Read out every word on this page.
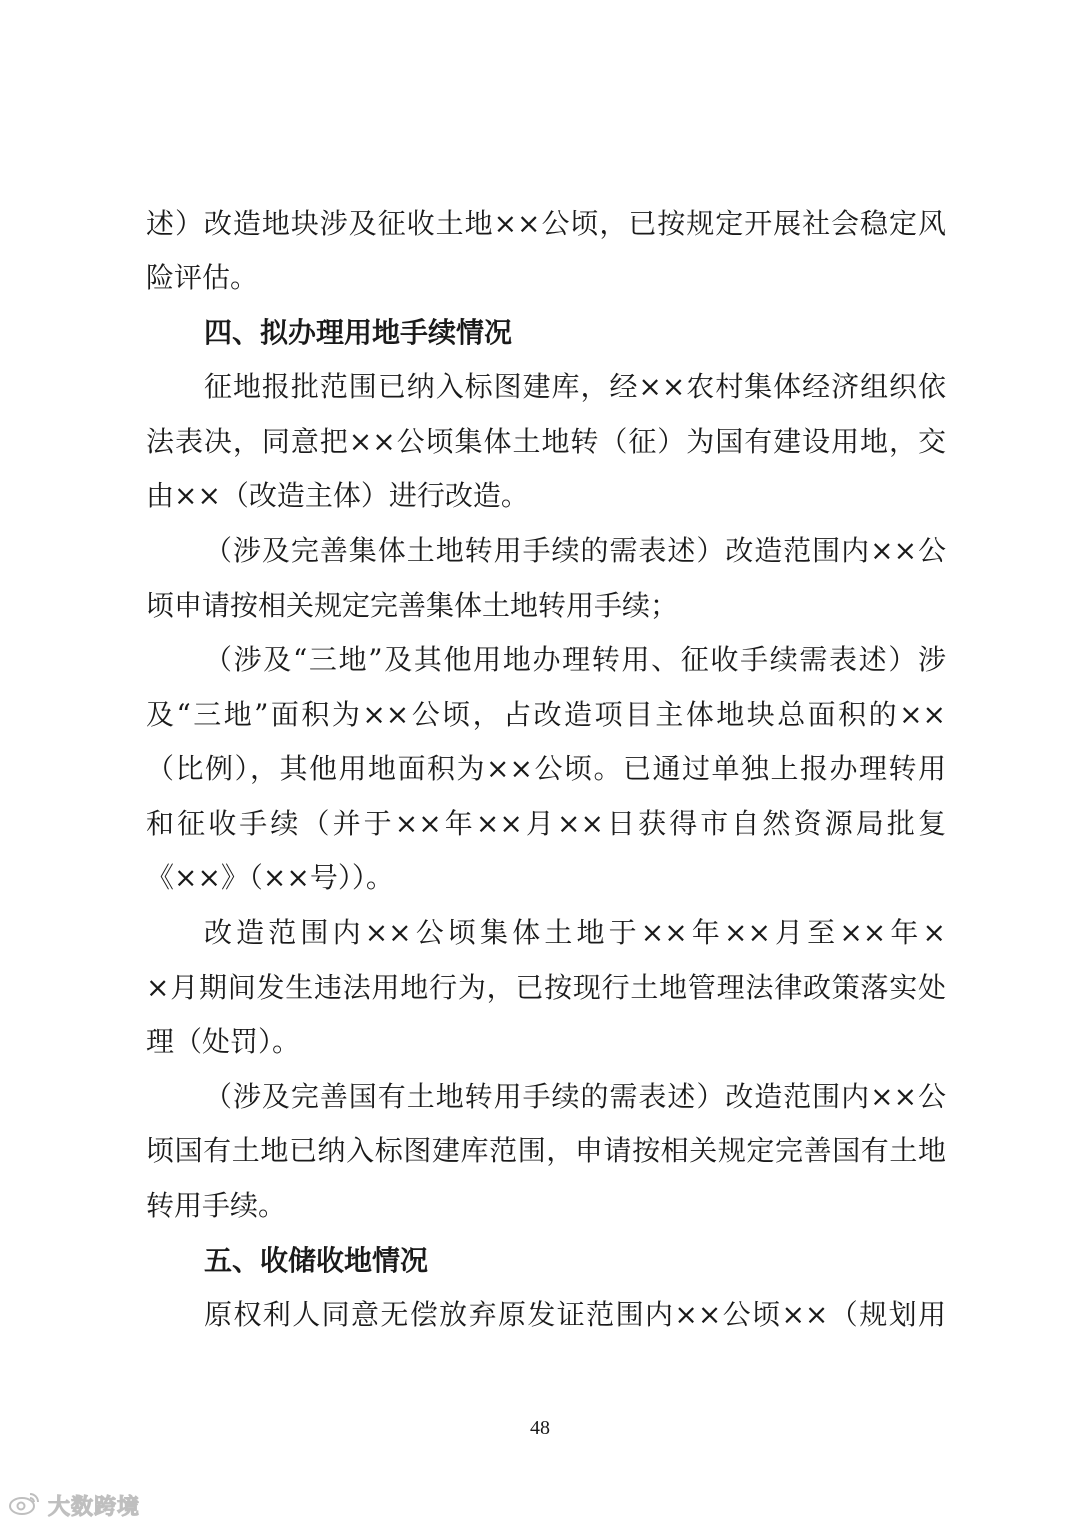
述）改造地块涉及征收土地××公顷，已按规定开展社会稳定风
险评估。
四、拟办理用地手续情况
征地报批范围已纳入标图建库，经××农村集体经济组织依
法表决，同意把××公顷集体土地转（征）为国有建设用地，交
由××（改造主体）进行改造。
（涉及完善集体土地转用手续的需表述）改造范围内××公
顷申请按相关规定完善集体土地转用手续；
（涉及“三地”及其他用地办理转用、征收手续需表述）涉
及“三地”面积为××公顷，占改造项目主体地块总面积的××
（比例），其他用地面积为××公顷。已通过单独上报办理转用
和征收手续（并于××年××月××日获得市自然资源局批复
《××》（××号））。
改造范围内××公顷集体土地于××年××月至××年×
×月期间发生违法用地行为，已按现行土地管理法律政策落实处
理（处罚）。
（涉及完善国有土地转用手续的需表述）改造范围内××公
顷国有土地已纳入标图建库范围，申请按相关规定完善国有土地
转用手续。
五、收储收地情况
原权利人同意无偿放弃原发证范围内××公顷××（规划用
48
大数跨境
